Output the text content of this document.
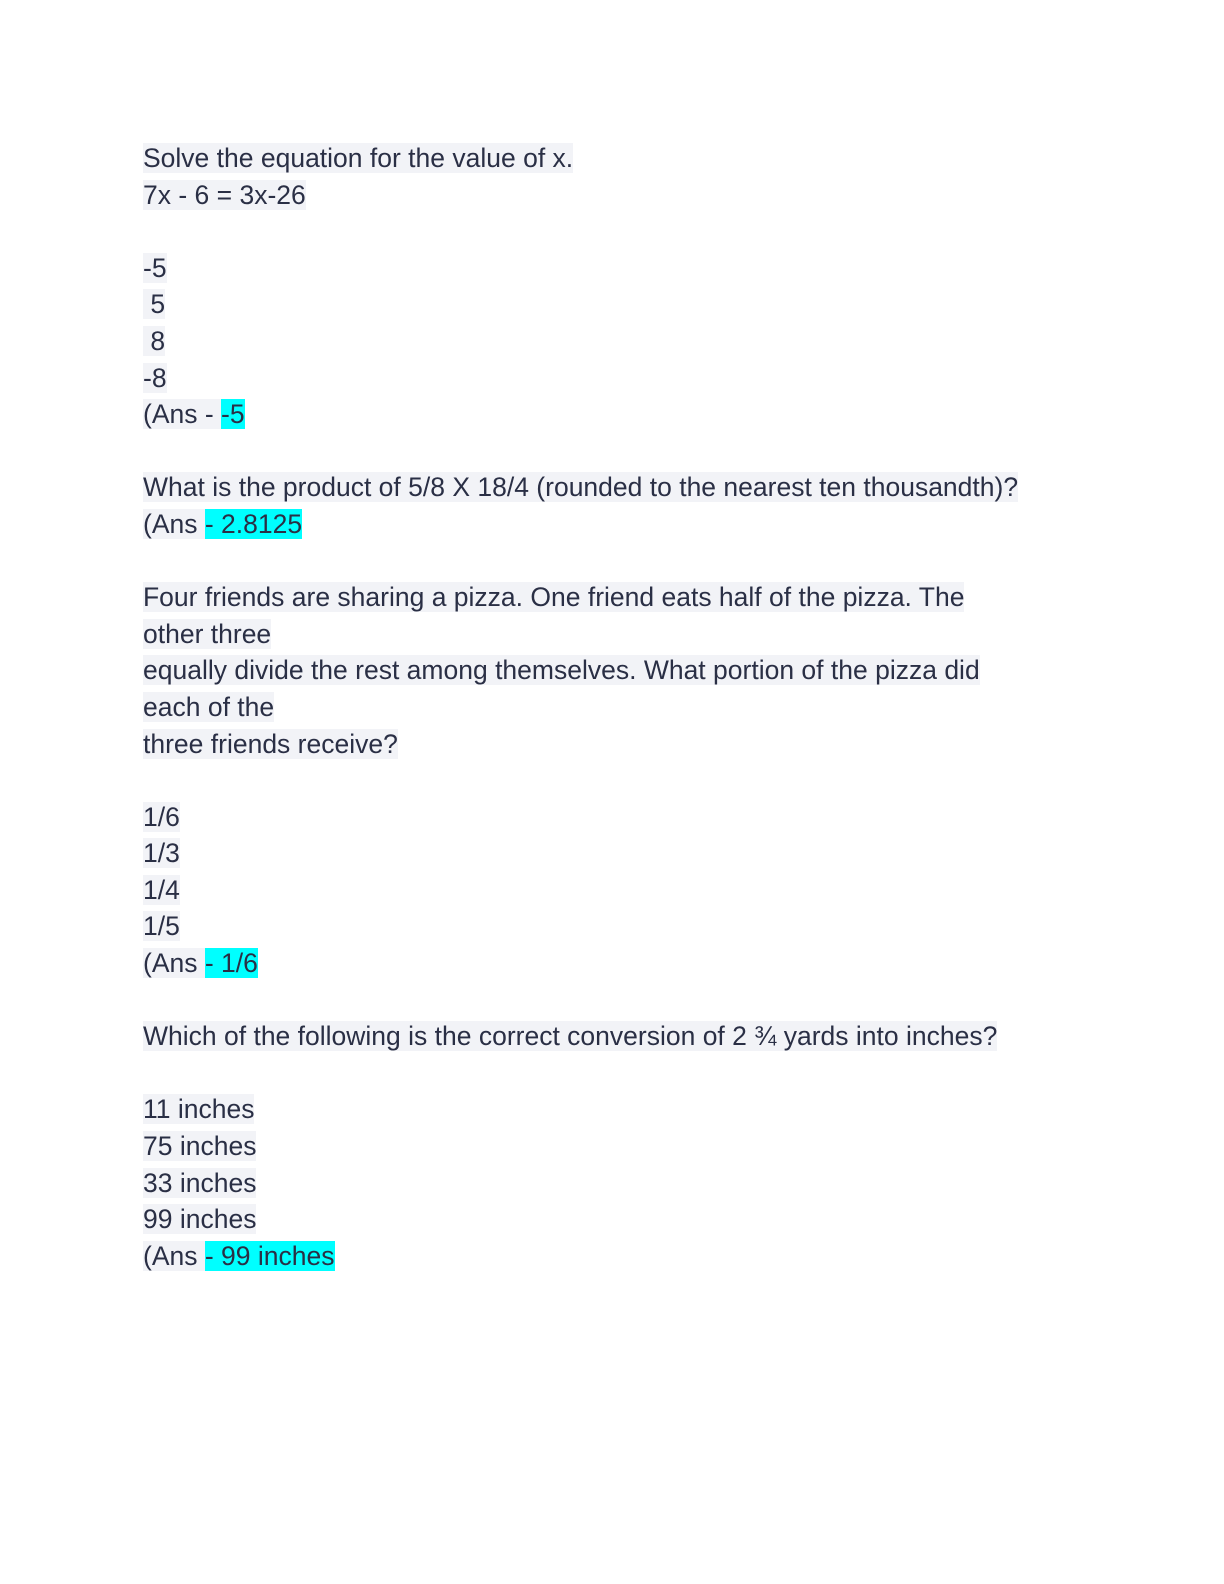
Solve the equation for the value of x.
7x - 6 = 3x-26
-5
5
8
-8
(Ans - -5
What is the product of 5/8 X 18/4 (rounded to the nearest ten thousandth)?
(Ans - 2.8125
Four friends are sharing a pizza. One friend eats half of the pizza. The
other three
equally divide the rest among themselves. What portion of the pizza did
each of the
three friends receive?
1/6
1/3
1/4
1/5
(Ans - 1/6
Which of the following is the correct conversion of 2 ¾ yards into inches?
11 inches
75 inches
33 inches
99 inches
(Ans - 99 inches
